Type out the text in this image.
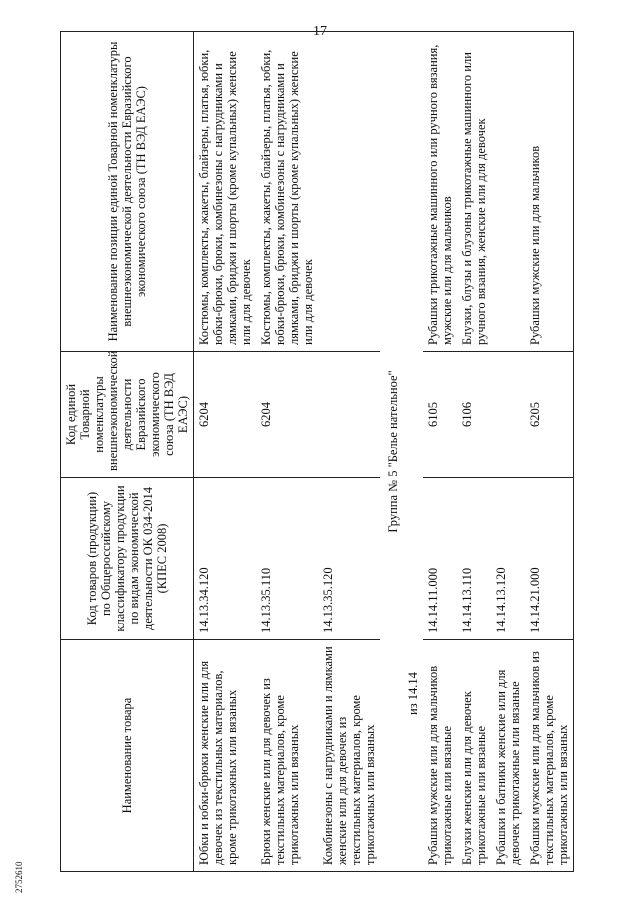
17
Наименование товара	Код товаров (продукции) по Общероссийскому классификатору продукции по видам экономической деятельности ОК 034-2014 (КПЕС 2008)	Код единой Товарной номенклатуры внешнеэкономической деятельности Евразийского экономического союза (ТН ВЭД ЕАЭС)	Наименование позиции единой Товарной номенклатуры внешнеэкономической деятельности Евразийского экономического союза (ТН ВЭД ЕАЭС)
Юбки и юбки-брюки женские или для девочек из текстильных материалов, кроме трикотажных или вязаных	14.13.34.120	6204	Костюмы, комплекты, жакеты, блайзеры, платья, юбки, юбки-брюки, брюки, комбинезоны с нагрудниками и лямками, бриджи и шорты (кроме купальных) женские или для девочек
Брюки женские или для девочек из текстильных материалов, кроме трикотажных или вязаных	14.13.35.110	6204	Костюмы, комплекты, жакеты, блайзеры, платья, юбки, юбки-брюки, брюки, комбинезоны с нагрудниками и лямками, бриджи и шорты (кроме купальных) женские или для девочек
Комбинезоны с нагрудниками и лямками женские или для девочек из текстильных материалов, кроме трикотажных или вязаных	14.13.35.120		
Группа № 5 "Белье нательное"
из 14.14			

Рубашки мужские или для мальчиков трикотажные или вязаные	14.14.11.000	6105	Рубашки трикотажные машинного или ручного вязания, мужские или для мальчиков
Блузки женские или для девочек трикотажные или вязаные	14.14.13.110	6106	Блузки, блузы и блузоны трикотажные машинного или ручного вязания, женские или для девочек
Рубашки и батники женские или для девочек трикотажные или вязаные	14.14.13.120		
Рубашки мужские или для мальчиков из текстильных материалов, кроме трикотажных или вязаных	14.14.21.000	6205	Рубашки мужские или для мальчиков
2752610
